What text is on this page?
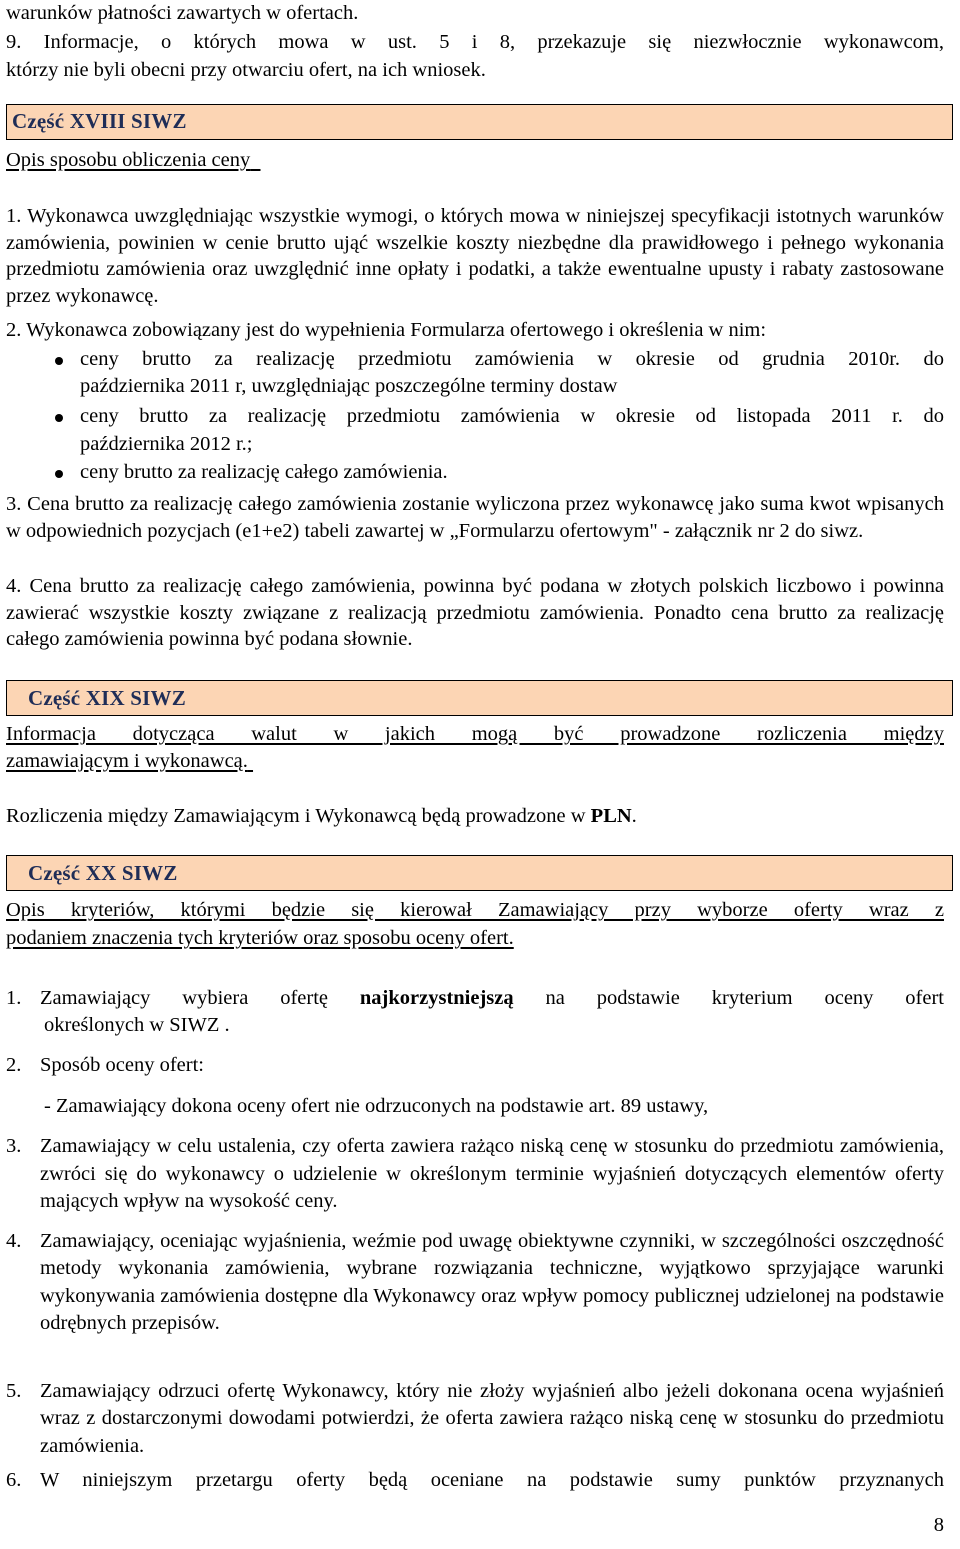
warunków płatności zawartych w ofertach.
9. Informacje, o których mowa w ust. 5 i 8, przekazuje się niezwłocznie wykonawcom,
którzy nie byli obecni przy otwarciu ofert, na ich wniosek.
Część XVIII SIWZ
Opis sposobu obliczenia ceny
1. Wykonawca uwzględniając wszystkie wymogi, o których mowa w niniejszej specyfikacji istotnych warunków zamówienia, powinien w cenie brutto ująć wszelkie koszty niezbędne dla prawidłowego i pełnego wykonania przedmiotu zamówienia oraz uwzględnić inne opłaty i podatki, a także ewentualne upusty i rabaty zastosowane przez wykonawcę.
2. Wykonawca zobowiązany jest do wypełnienia Formularza ofertowego i określenia w nim:
ceny brutto za realizację przedmiotu zamówienia w okresie od grudnia 2010r. do
października 2011 r, uwzględniając poszczególne terminy dostaw
ceny brutto za realizację przedmiotu zamówienia w okresie od listopada 2011 r. do
października 2012 r.;
ceny brutto za realizację całego zamówienia.
3. Cena brutto za realizację całego zamówienia zostanie wyliczona przez wykonawcę jako suma kwot wpisanych w odpowiednich pozycjach (e1+e2) tabeli zawartej w „Formularzu ofertowym" - załącznik nr 2 do siwz.
4. Cena brutto za realizację całego zamówienia, powinna być podana w złotych polskich liczbowo i powinna zawierać wszystkie koszty związane z realizacją przedmiotu zamówienia. Ponadto cena brutto za realizację całego zamówienia powinna być podana słownie.
Część XIX SIWZ
Informacja dotycząca walut w jakich mogą być prowadzone rozliczenia między
zamawiającym i wykonawcą.
Rozliczenia między Zamawiającym i Wykonawcą będą prowadzone w PLN.
Część XX SIWZ
Opis kryteriów, którymi będzie się kierował Zamawiający przy wyborze oferty wraz z
podaniem znaczenia tych kryteriów oraz sposobu oceny ofert.
1. Zamawiający wybiera ofertę najkorzystniejszą na podstawie kryterium oceny ofert
określonych w SIWZ .
2. Sposób oceny ofert:
- Zamawiający dokona oceny ofert nie odrzuconych na podstawie art. 89 ustawy,
3. Zamawiający w celu ustalenia, czy oferta zawiera rażąco niską cenę w stosunku do przedmiotu zamówienia, zwróci się do wykonawcy o udzielenie w określonym terminie wyjaśnień dotyczących elementów oferty mających wpływ na wysokość ceny.
4. Zamawiający, oceniając wyjaśnienia, weźmie pod uwagę obiektywne czynniki, w szczególności oszczędność metody wykonania zamówienia, wybrane rozwiązania techniczne, wyjątkowo sprzyjające warunki wykonywania zamówienia dostępne dla Wykonawcy oraz wpływ pomocy publicznej udzielonej na podstawie odrębnych przepisów.
5. Zamawiający odrzuci ofertę Wykonawcy, który nie złoży wyjaśnień albo jeżeli dokonana ocena wyjaśnień wraz z dostarczonymi dowodami potwierdzi, że oferta zawiera rażąco niską cenę w stosunku do przedmiotu zamówienia.
6. W niniejszym przetargu oferty będą oceniane na podstawie sumy punktów przyznanych
8
